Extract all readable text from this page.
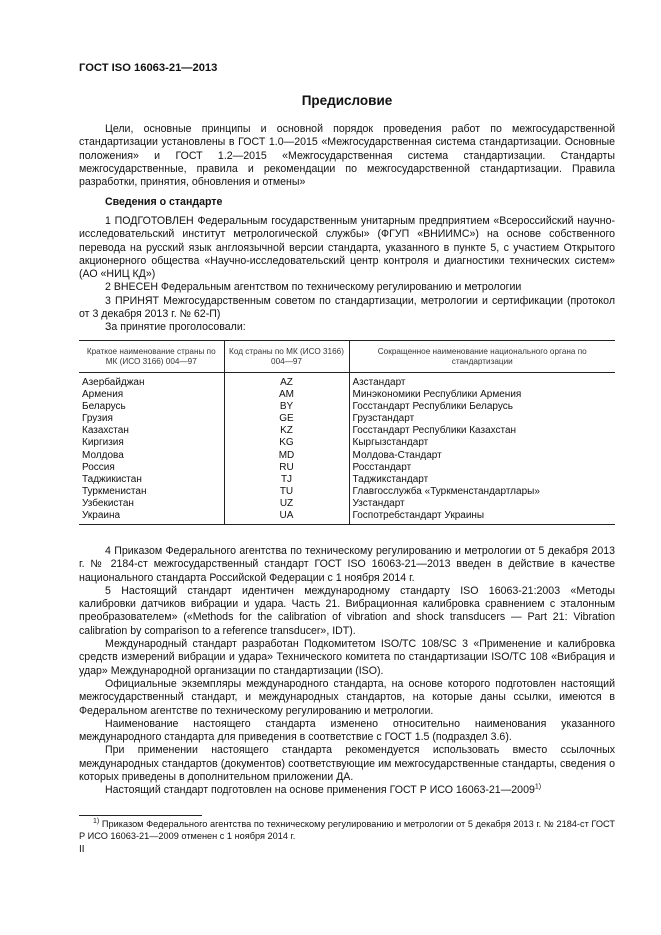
ГОСТ ISO 16063-21—2013
Предисловие

Цели, основные принципы и основной порядок проведения работ по межгосударственной стандартизации установлены в ГОСТ 1.0—2015 «Межгосударственная система стандартизации. Основные положения» и ГОСТ 1.2—2015 «Межгосударственная система стандартизации. Стандарты межгосударственные, правила и рекомендации по межгосударственной стандартизации. Правила разработки, принятия, обновления и отмены»

Сведения о стандарте

1 ПОДГОТОВЛЕН Федеральным государственным унитарным предприятием «Всероссийский научно-исследовательский институт метрологической службы» (ФГУП «ВНИИМС») на основе собственного перевода на русский язык англоязычной версии стандарта, указанного в пункте 5, с участием Открытого акционерного общества «Научно-исследовательский центр контроля и диагностики технических систем» (АО «НИЦ КД»)

2 ВНЕСЕН Федеральным агентством по техническому регулированию и метрологии

3 ПРИНЯТ Межгосударственным советом по стандартизации, метрологии и сертификации (протокол от 3 декабря 2013 г. № 62-П)

За принятие проголосовали:

Краткое наименование страны по МК (ИСО 3166) 004—97	Код страны по МК (ИСО 3166) 004—97	Сокращенное наименование национального органа по стандартизации
Азербайджан	AZ	Азстандарт
Армения	AM	Минэкономики Республики Армения
Беларусь	BY	Госстандарт Республики Беларусь
Грузия	GE	Грузстандарт
Казахстан	KZ	Госстандарт Республики Казахстан
Киргизия	KG	Кыргызстандарт
Молдова	MD	Молдова-Стандарт
Россия	RU	Росстандарт
Таджикистан	TJ	Таджикстандарт
Туркменистан	TU	Главгосслужба «Туркменстандартлары»
Узбекистан	UZ	Узстандарт
Украина	UA	Госпотребстандарт Украины

4 Приказом Федерального агентства по техническому регулированию и метрологии от 5 декабря 2013 г. № 2184-ст межгосударственный стандарт ГОСТ ISO 16063-21—2013 введен в действие в качестве национального стандарта Российской Федерации с 1 ноября 2014 г.

5 Настоящий стандарт идентичен международному стандарту ISO 16063-21:2003 «Методы калибровки датчиков вибрации и удара. Часть 21. Вибрационная калибровка сравнением с эталонным преобразователем» («Methods for the calibration of vibration and shock transducers — Part 21: Vibration calibration by comparison to a reference transducer», IDT).

Международный стандарт разработан Подкомитетом ISO/TC 108/SC 3 «Применение и калибровка средств измерений вибрации и удара» Технического комитета по стандартизации ISO/TC 108 «Вибрация и удар» Международной организации по стандартизации (ISO).

Официальные экземпляры международного стандарта, на основе которого подготовлен настоящий межгосударственный стандарт, и международных стандартов, на которые даны ссылки, имеются в Федеральном агентстве по техническому регулированию и метрологии.

Наименование настоящего стандарта изменено относительно наименования указанного международного стандарта для приведения в соответствие с ГОСТ 1.5 (подраздел 3.6).

При применении настоящего стандарта рекомендуется использовать вместо ссылочных международных стандартов (документов) соответствующие им межгосударственные стандарты, сведения о которых приведены в дополнительном приложении ДА.

Настоящий стандарт подготовлен на основе применения ГОСТ Р ИСО 16063-21—2009$^{1)}$

$^{1)}$ Приказом Федерального агентства по техническому регулированию и метрологии от 5 декабря 2013 г. № 2184-ст ГОСТ Р ИСО 16063-21—2009 отменен с 1 ноября 2014 г.

II
